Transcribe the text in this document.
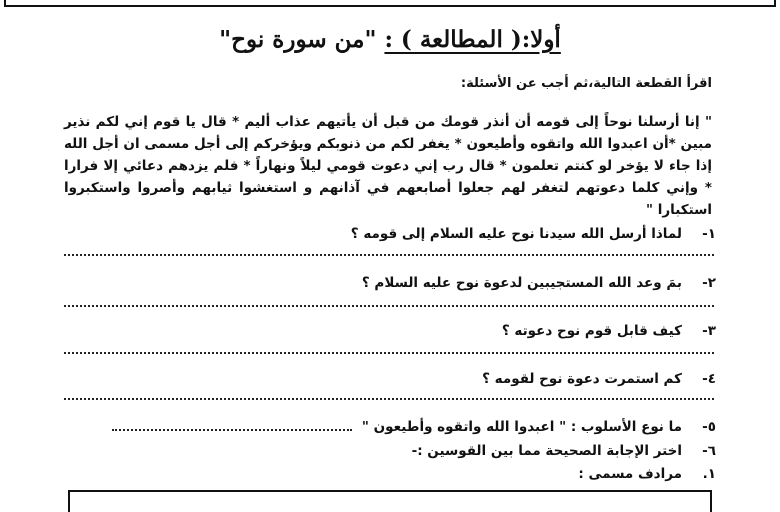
أولا:( المطالعة ) : "من سورة نوح"
اقرأ القطعة التالية،ثم أجب عن الأسئلة:
" إنا أرسلنا نوحاً إلى قومه أن أنذر قومك من قبل أن يأتيهم عذاب أليم * قال يا قوم إني لكم نذير مبين *أن اعبدوا الله واتقوه وأطيعون * يغفر لكم من ذنوبكم ويؤخركم إلى أجل مسمى ان أجل الله إذا جاء لا يؤخر لو كنتم تعلمون * قال رب إني دعوت قومي ليلاً ونهاراً * فلم يزدهم دعائي إلا فرارا * وإني كلما دعوتهم لتغفر لهم جعلوا أصابعهم في آذانهم و استغشوا ثيابهم وأصروا واستكبروا استكبارا "
١-لماذا أرسل الله سيدنا نوح عليه السلام إلى قومه ؟
٢-بمَ وعد الله المستجيبين لدعوة نوح عليه السلام ؟
٣-كيف قابل قوم نوح دعوته ؟
٤-كم استمرت دعوة نوح لقومه ؟
٥-ما نوع الأسلوب : " اعبدوا الله واتقوه وأطيعون "
٦-اختر الإجابة الصحيحة مما بين القوسين :-
١.مرادف مسمى :
